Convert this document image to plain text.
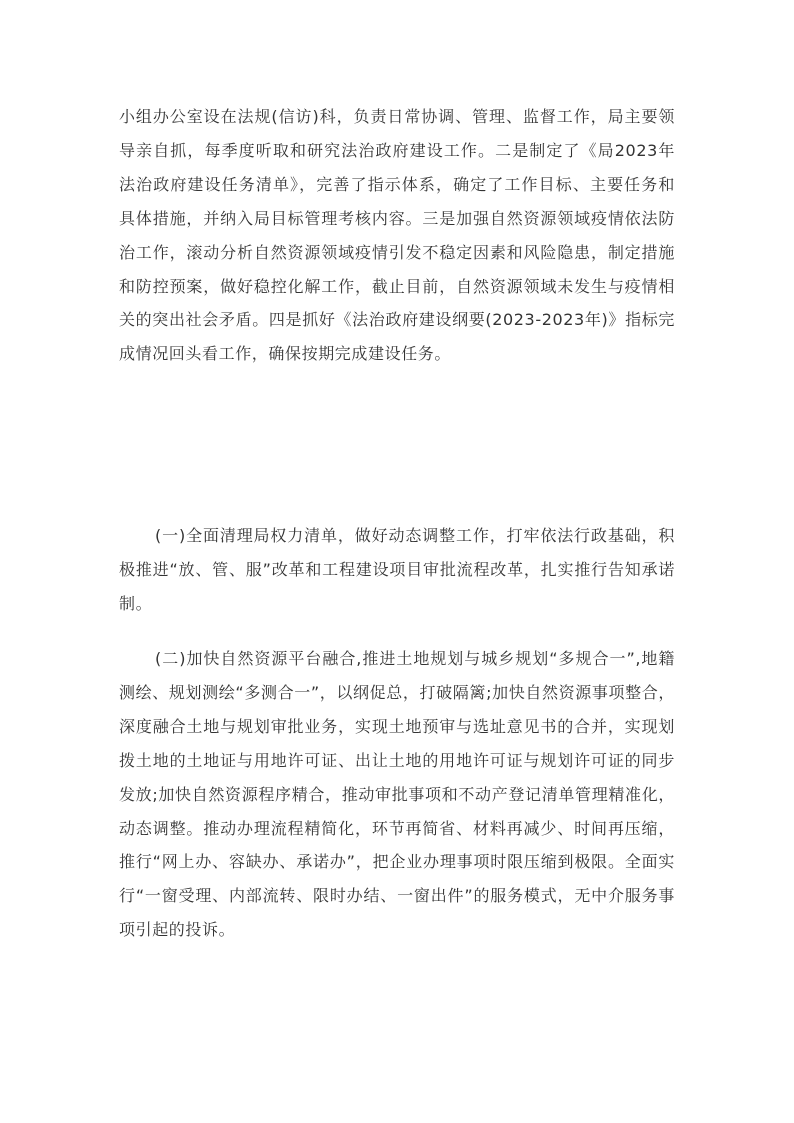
小组办公室设在法规(信访)科，负责日常协调、管理、监督工作，局主要领导亲自抓，每季度听取和研究法治政府建设工作。二是制定了《局2023年法治政府建设任务清单》，完善了指示体系，确定了工作目标、主要任务和具体措施，并纳入局目标管理考核内容。三是加强自然资源领域疫情依法防治工作，滚动分析自然资源领域疫情引发不稳定因素和风险隐患，制定措施和防控预案，做好稳控化解工作，截止目前，自然资源领域未发生与疫情相关的突出社会矛盾。四是抓好《法治政府建设纲要(2023-2023年)》指标完成情况回头看工作，确保按期完成建设任务。

(一)全面清理局权力清单，做好动态调整工作，打牢依法行政基础，积极推进“放、管、服”改革和工程建设项目审批流程改革，扎实推行告知承诺制。

(二)加快自然资源平台融合,推进土地规划与城乡规划“多规合一”,地籍测绘、规划测绘“多测合一”，以纲促总，打破隔篱;加快自然资源事项整合，深度融合土地与规划审批业务，实现土地预审与选址意见书的合并，实现划拨土地的土地证与用地许可证、出让土地的用地许可证与规划许可证的同步发放;加快自然资源程序精合，推动审批事项和不动产登记清单管理精准化，动态调整。推动办理流程精简化，环节再简省、材料再减少、时间再压缩，推行“网上办、容缺办、承诺办”，把企业办理事项时限压缩到极限。全面实行“一窗受理、内部流转、限时办结、一窗出件”的服务模式，无中介服务事项引起的投诉。
